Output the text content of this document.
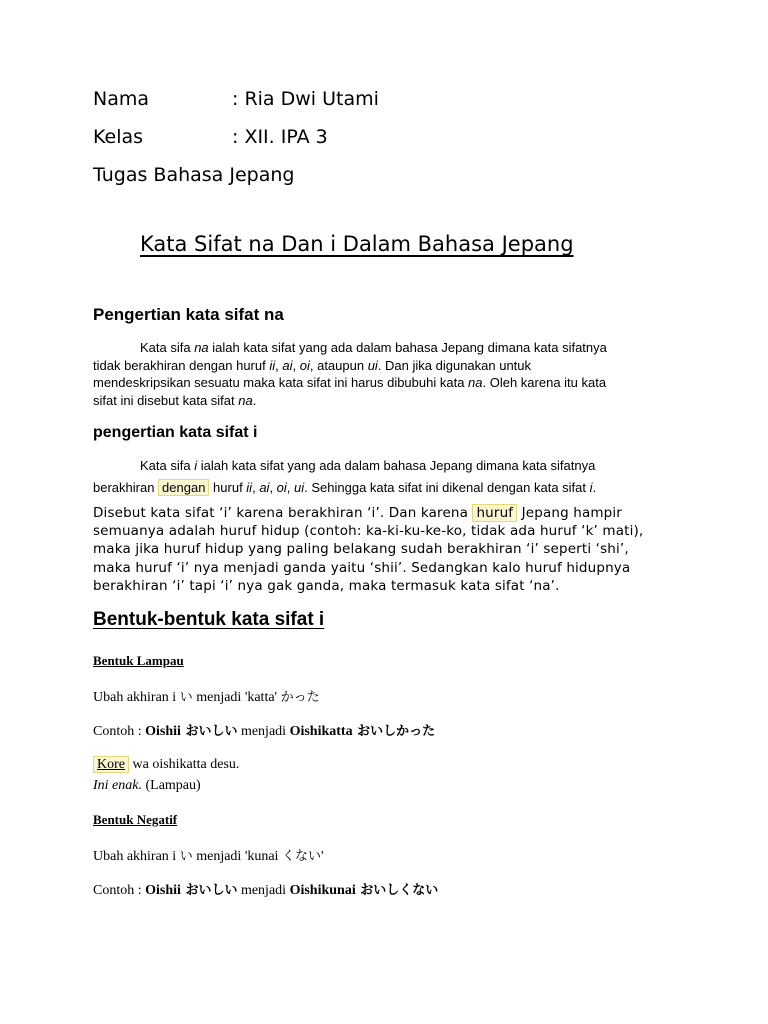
Nama	: Ria Dwi Utami
Kelas	: XII. IPA 3
Tugas Bahasa Jepang
Kata Sifat na Dan i Dalam Bahasa Jepang
Pengertian kata sifat na
Kata sifa na ialah kata sifat yang ada dalam bahasa Jepang dimana kata sifatnya
tidak berakhiran dengan huruf ii, ai, oi, ataupun ui. Dan jika digunakan untuk
mendeskripsikan sesuatu maka kata sifat ini harus dibubuhi kata na. Oleh karena itu kata
sifat ini disebut kata sifat na.
pengertian kata sifat i
Kata sifa i ialah kata sifat yang ada dalam bahasa Jepang dimana kata sifatnya
berakhiran dengan huruf ii, ai, oi, ui. Sehingga kata sifat ini dikenal dengan kata sifat i.
Disebut kata sifat ‘i’ karena berakhiran ‘i’. Dan karena huruf Jepang hampir
semuanya adalah huruf hidup (contoh: ka-ki-ku-ke-ko, tidak ada huruf ‘k’ mati),
maka jika huruf hidup yang paling belakang sudah berakhiran ‘i’ seperti ‘shi’,
maka huruf ‘i’ nya menjadi ganda yaitu ‘shii’. Sedangkan kalo huruf hidupnya
berakhiran ‘i’ tapi ‘i’ nya gak ganda, maka termasuk kata sifat ‘na’.
Bentuk-bentuk kata sifat i
Bentuk Lampau
Ubah akhiran i い menjadi 'katta' かった
Contoh : Oishii おいしい menjadi Oishikatta おいしかった
Kore wa oishikatta desu.
Ini enak. (Lampau)
Bentuk Negatif
Ubah akhiran i い menjadi 'kunai くない'
Contoh : Oishii おいしい menjadi Oishikunai おいしくない
